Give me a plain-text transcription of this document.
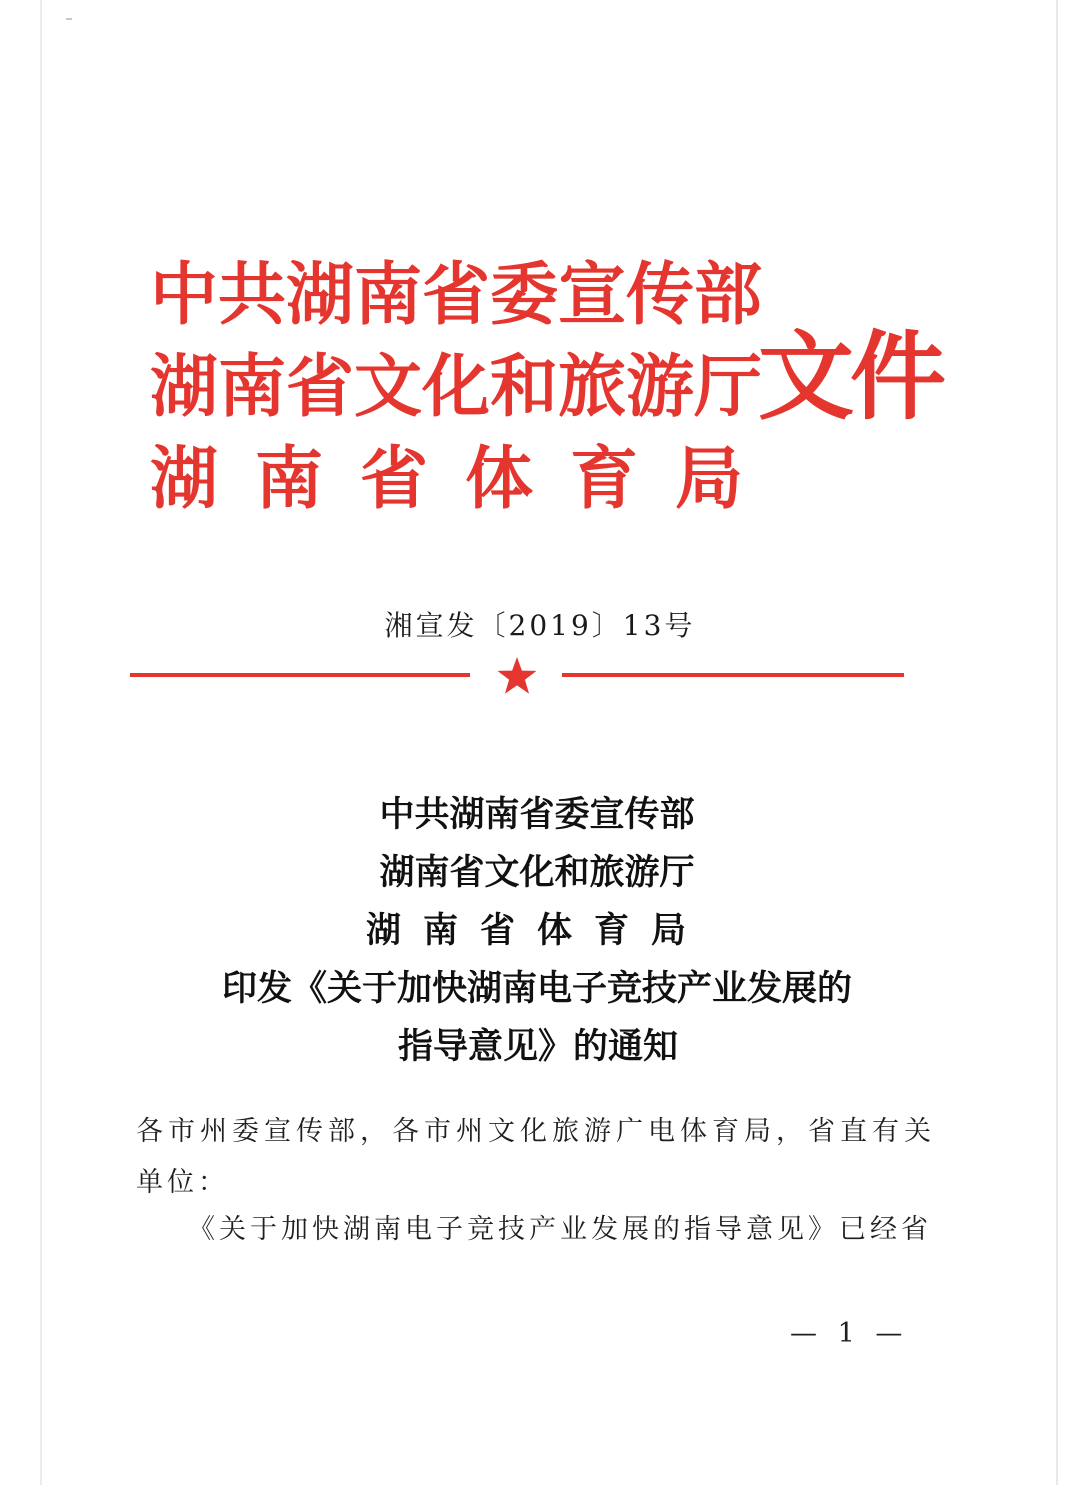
中共湖南省委宣传部
湖南省文化和旅游厅
湖南省体育局
文件
湘宣发〔2019〕13号
中共湖南省委宣传部
湖南省文化和旅游厅
湖南省体育局
印发《关于加快湖南电子竞技产业发展的
指导意见》的通知
各市州委宣传部，各市州文化旅游广电体育局，省直有关
单位：
《关于加快湖南电子竞技产业发展的指导意见》已经省
— 1 —
